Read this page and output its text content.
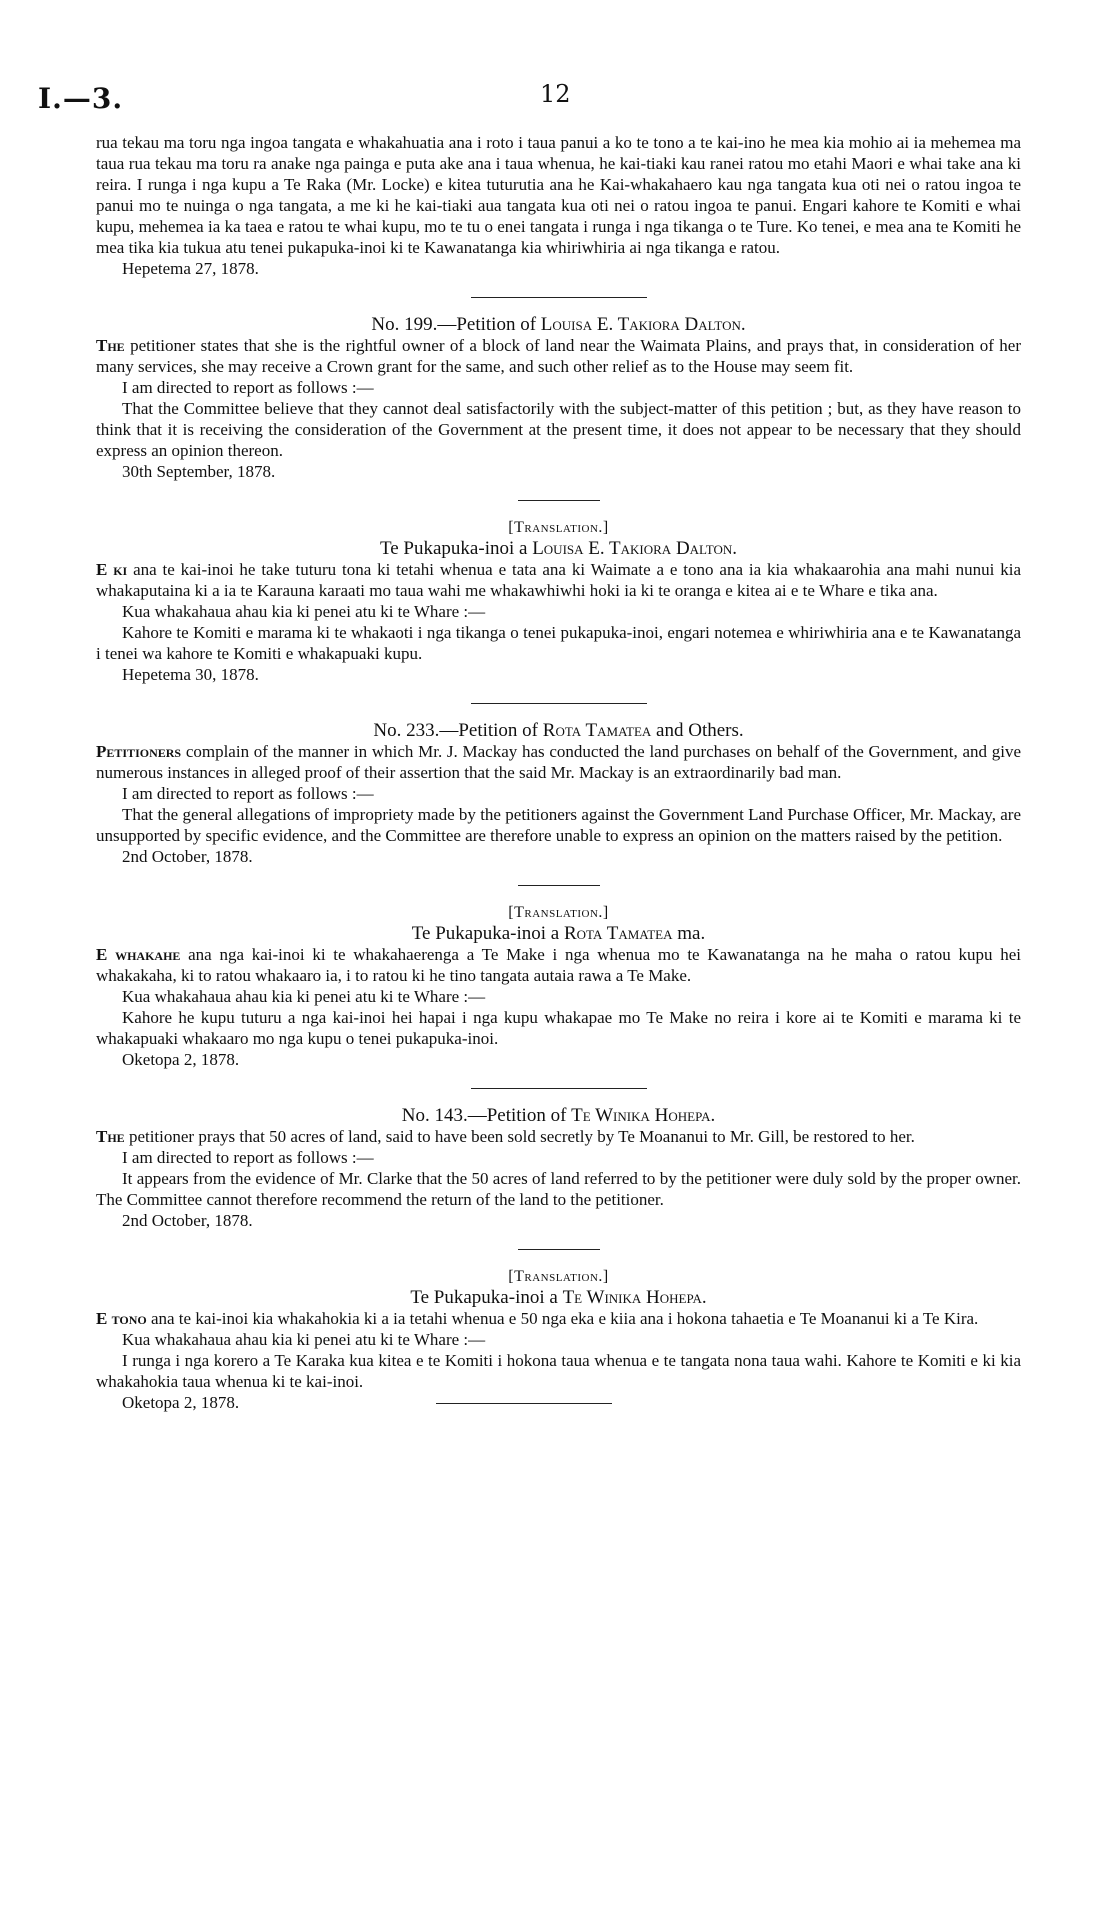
I.—3.	12

rua tekau ma toru nga ingoa tangata e whakahuatia ana i roto i taua panui a ko te tono a te kai-ino he mea kia mohio ai ia mehemea ma taua rua tekau ma toru ra anake nga painga e puta ake ana i taua whenua, he kai-tiaki kau ranei ratou mo etahi Maori e whai take ana ki reira. I runga i nga kupu a Te Raka (Mr. Locke) e kitea tuturutia ana he Kai-whakahaero kau nga tangata kua oti nei o ratou ingoa te panui mo te nuinga o nga tangata, a me ki he kai-tiaki aua tangata kua oti nei o ratou ingoa te panui. Engari kahore te Komiti e whai kupu, mehemea ia ka taea e ratou te whai kupu, mo te tu o enei tangata i runga i nga tikanga o te Ture. Ko tenei, e mea ana te Komiti he mea tika kia tukua atu tenei pukapuka-inoi ki te Kawanatanga kia whiriwhiria ai nga tikanga e ratou.

Hepetema 27, 1878.

No. 199.—Petition of Louisa E. Takiora Dalton.

The petitioner states that she is the rightful owner of a block of land near the Waimata Plains, and prays that, in consideration of her many services, she may receive a Crown grant for the same, and such other relief as to the House may seem fit.

I am directed to report as follows :—

That the Committee believe that they cannot deal satisfactorily with the subject-matter of this petition ; but, as they have reason to think that it is receiving the consideration of the Government at the present time, it does not appear to be necessary that they should express an opinion thereon.

30th September, 1878.

[Translation.]

Te Pukapuka-inoi a Louisa E. Takiora Dalton.

E ki ana te kai-inoi he take tuturu tona ki tetahi whenua e tata ana ki Waimate a e tono ana ia kia whakaarohia ana mahi nunui kia whakaputaina ki a ia te Karauna karaati mo taua wahi me whakawhiwhi hoki ia ki te oranga e kitea ai e te Whare e tika ana.

Kua whakahaua ahau kia ki penei atu ki te Whare :—

Kahore te Komiti e marama ki te whakaoti i nga tikanga o tenei pukapuka-inoi, engari notemea e whiriwhiria ana e te Kawanatanga i tenei wa kahore te Komiti e whakapuaki kupu.

Hepetema 30, 1878.

No. 233.—Petition of Rota Tamatea and Others.

Petitioners complain of the manner in which Mr. J. Mackay has conducted the land purchases on behalf of the Government, and give numerous instances in alleged proof of their assertion that the said Mr. Mackay is an extraordinarily bad man.

I am directed to report as follows :—

That the general allegations of impropriety made by the petitioners against the Government Land Purchase Officer, Mr. Mackay, are unsupported by specific evidence, and the Committee are therefore unable to express an opinion on the matters raised by the petition.

2nd October, 1878.

[Translation.]

Te Pukapuka-inoi a Rota Tamatea ma.

E whakahe ana nga kai-inoi ki te whakahaerenga a Te Make i nga whenua mo te Kawanatanga na he maha o ratou kupu hei whakakaha, ki to ratou whakaaro ia, i to ratou ki he tino tangata autaia rawa a Te Make.

Kua whakahaua ahau kia ki penei atu ki te Whare :—

Kahore he kupu tuturu a nga kai-inoi hei hapai i nga kupu whakapae mo Te Make no reira i kore ai te Komiti e marama ki te whakapuaki whakaaro mo nga kupu o tenei pukapuka-inoi.

Oketopa 2, 1878.

No. 143.—Petition of Te Winika Hohepa.

The petitioner prays that 50 acres of land, said to have been sold secretly by Te Moananui to Mr. Gill, be restored to her.

I am directed to report as follows :—

It appears from the evidence of Mr. Clarke that the 50 acres of land referred to by the petitioner were duly sold by the proper owner. The Committee cannot therefore recommend the return of the land to the petitioner.

2nd October, 1878.

[Translation.]

Te Pukapuka-inoi a Te Winika Hohepa.

E tono ana te kai-inoi kia whakahokia ki a ia tetahi whenua e 50 nga eka e kiia ana i hokona tahaetia e Te Moananui ki a Te Kira.

Kua whakahaua ahau kia ki penei atu ki te Whare :—

I runga i nga korero a Te Karaka kua kitea e te Komiti i hokona taua whenua e te tangata nona taua wahi. Kahore te Komiti e ki kia whakahokia taua whenua ki te kai-inoi.

Oketopa 2, 1878.
